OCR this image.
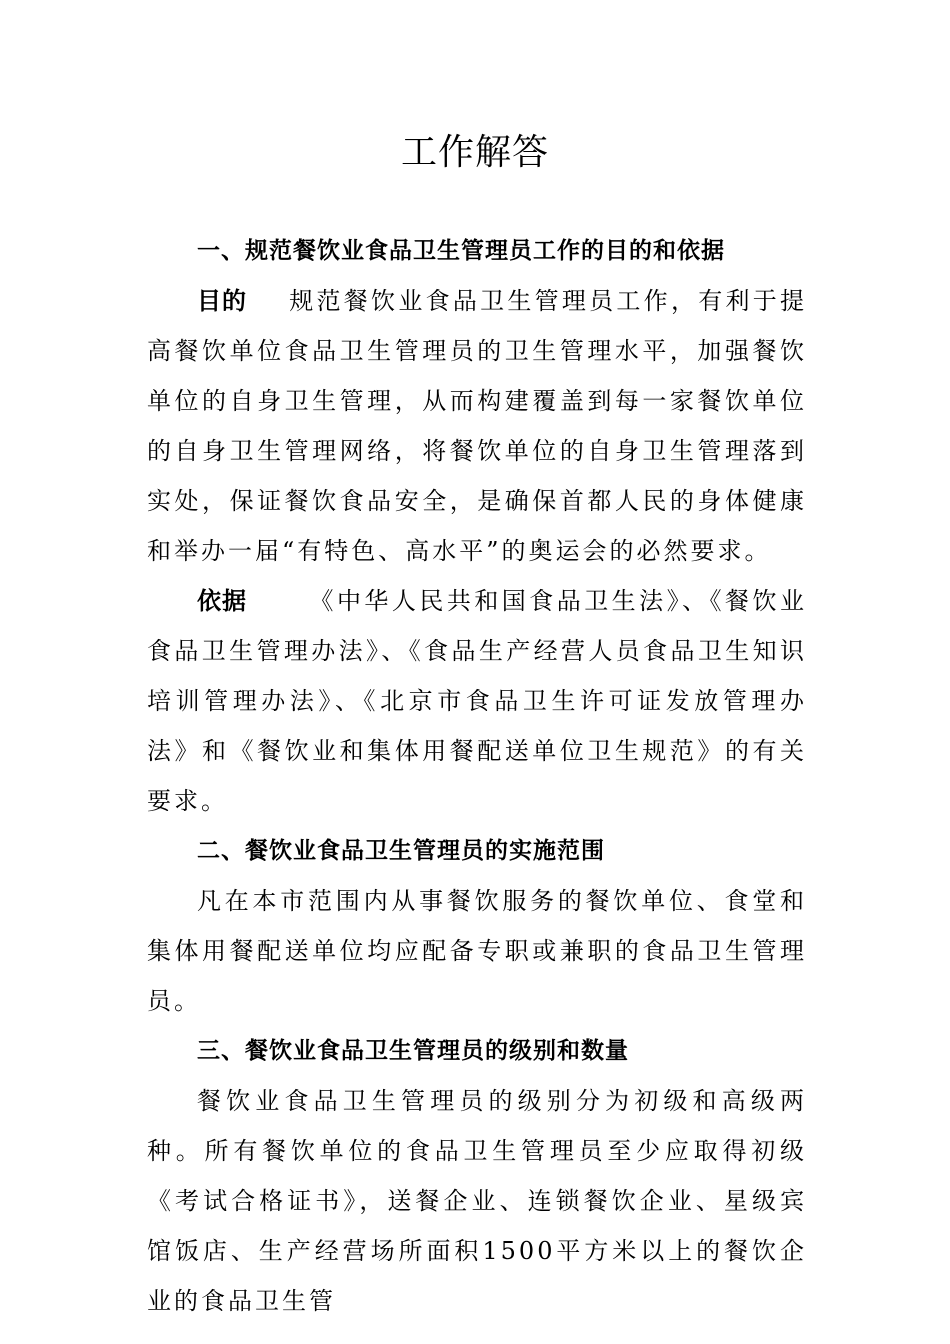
工作解答

一、规范餐饮业食品卫生管理员工作的目的和依据

目的 规范餐饮业食品卫生管理员工作，有利于提高餐饮单位食品卫生管理员的卫生管理水平，加强餐饮单位的自身卫生管理，从而构建覆盖到每一家餐饮单位的自身卫生管理网络，将餐饮单位的自身卫生管理落到实处，保证餐饮食品安全，是确保首都人民的身体健康和举办一届“有特色、高水平”的奥运会的必然要求。

依据	《中华人民共和国食品卫生法》、《餐饮业食品卫生管理办法》、《食品生产经营人员食品卫生知识培训管理办法》、《北京市食品卫生许可证发放管理办法》和《餐饮业和集体用餐配送单位卫生规范》的有关要求。

二、餐饮业食品卫生管理员的实施范围

凡在本市范围内从事餐饮服务的餐饮单位、食堂和集体用餐配送单位均应配备专职或兼职的食品卫生管理员。

三、餐饮业食品卫生管理员的级别和数量

餐饮业食品卫生管理员的级别分为初级和高级两种。所有餐饮单位的食品卫生管理员至少应取得初级《考试合格证书》，送餐企业、连锁餐饮企业、星级宾馆饭店、生产经营场所面积1500平方米以上的餐饮企业的食品卫生管
